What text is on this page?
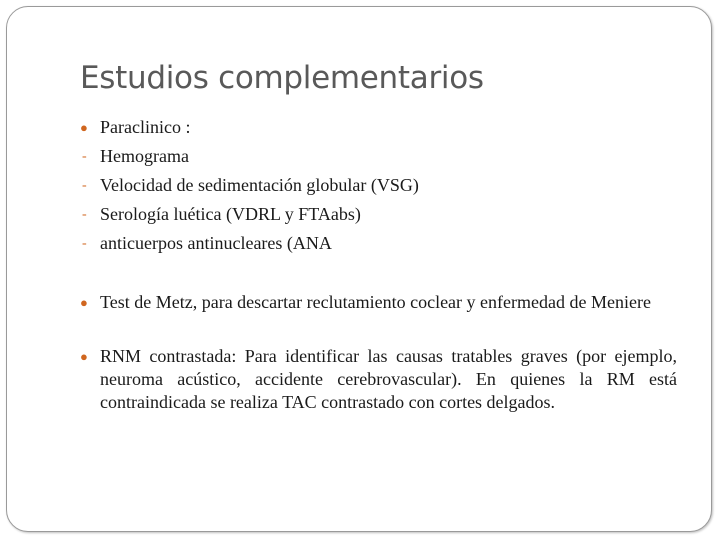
Estudios complementarios
● Paraclinico :
- Hemograma
- Velocidad de sedimentación globular (VSG)
- Serología luética (VDRL y FTAabs)
- anticuerpos antinucleares (ANA
● Test de Metz, para descartar reclutamiento coclear y enfermedad de Meniere
● RNM contrastada: Para identificar las causas tratables graves (por ejemplo, neuroma acústico, accidente cerebrovascular). En quienes la RM está contraindicada se realiza TAC contrastado con cortes delgados.
